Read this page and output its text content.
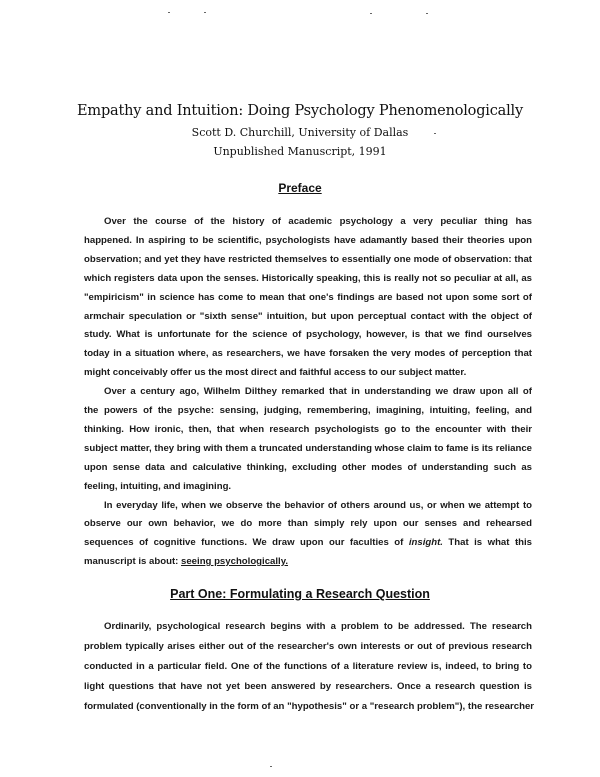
Empathy and Intuition: Doing Psychology Phenomenologically
Scott D. Churchill, University of Dallas
Unpublished Manuscript, 1991
Preface
Over the course of the history of academic psychology a very peculiar thing has
happened. In aspiring to be scientific, psychologists have adamantly based their theories upon
observation; and yet they have restricted themselves to essentially one mode of observation: that
which registers data upon the senses. Historically speaking, this is really not so peculiar at all, as
"empiricism" in science has come to mean that one's findings are based not upon some sort of
armchair speculation or "sixth sense" intuition, but upon perceptual contact with the object of
study. What is unfortunate for the science of psychology, however, is that we find ourselves
today in a situation where, as researchers, we have forsaken the very modes of perception that
might conceivably offer us the most direct and faithful access to our subject matter.
Over a century ago, Wilhelm Dilthey remarked that in understanding we draw upon all of
the powers of the psyche: sensing, judging, remembering, imagining, intuiting, feeling, and
thinking. How ironic, then, that when research psychologists go to the encounter with their
subject matter, they bring with them a truncated understanding whose claim to fame is its reliance
upon sense data and calculative thinking, excluding other modes of understanding such as
feeling, intuiting, and imagining.
In everyday life, when we observe the behavior of others around us, or when we attempt to
observe our own behavior, we do more than simply rely upon our senses and rehearsed
Part One: Formulating a Research Question
Ordinarily, psychological research begins with a problem to be addressed. The research
problem typically arises either out of the researcher's own interests or out of previous research
conducted in a particular field. One of the functions of a literature review is, indeed, to bring to
light questions that have not yet been answered by researchers. Once a research question is
formulated (conventionally in the form of an "hypothesis" or a "research problem"), the researcher
sequences of cognitive functions. We draw upon our faculties of insight. That is what this
manuscript is about: seeing psychologically.
